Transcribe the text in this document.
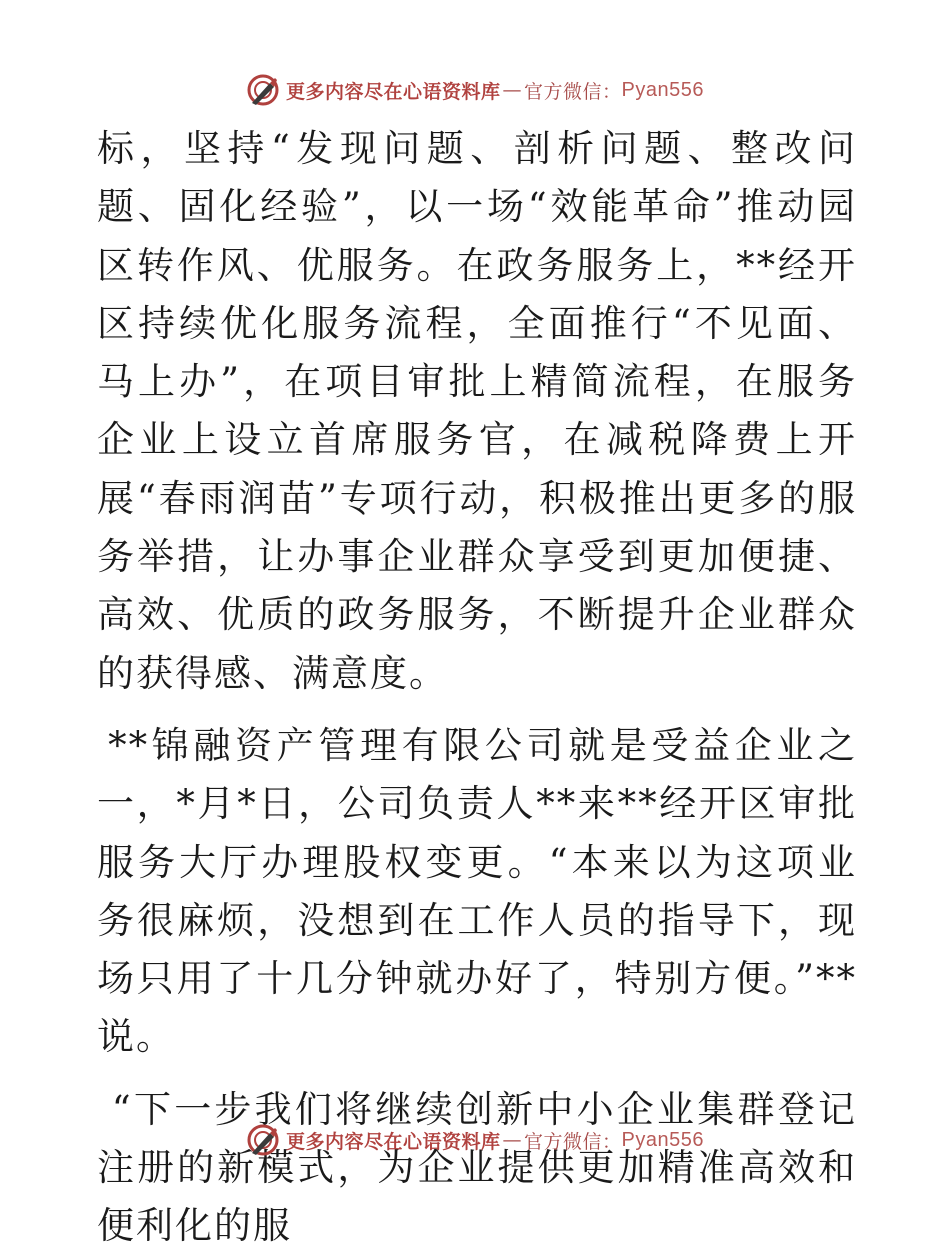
更多内容尽在心语资料库 — 官方微信： Pyan556

标，坚持“发现问题、剖析问题、整改问题、固化经验”，以一场“效能革命”推动园区转作风、优服务。在政务服务上，**经开区持续优化服务流程，全面推行“不见面、马上办”，在项目审批上精简流程，在服务企业上设立首席服务官，在减税降费上开展“春雨润苗”专项行动，积极推出更多的服务举措，让办事企业群众享受到更加便捷、高效、优质的政务服务，不断提升企业群众的获得感、满意度。

**锦融资产管理有限公司就是受益企业之一，*月*日，公司负责人**来**经开区审批服务大厅办理股权变更。“本来以为这项业务很麻烦，没想到在工作人员的指导下，现场只用了十几分钟就办好了，特别方便。”**说。

“下一步我们将继续创新中小企业集群登记注册的新模式，为企业提供更加精准高效和便利化的服

更多内容尽在心语资料库 — 官方微信： Pyan556
